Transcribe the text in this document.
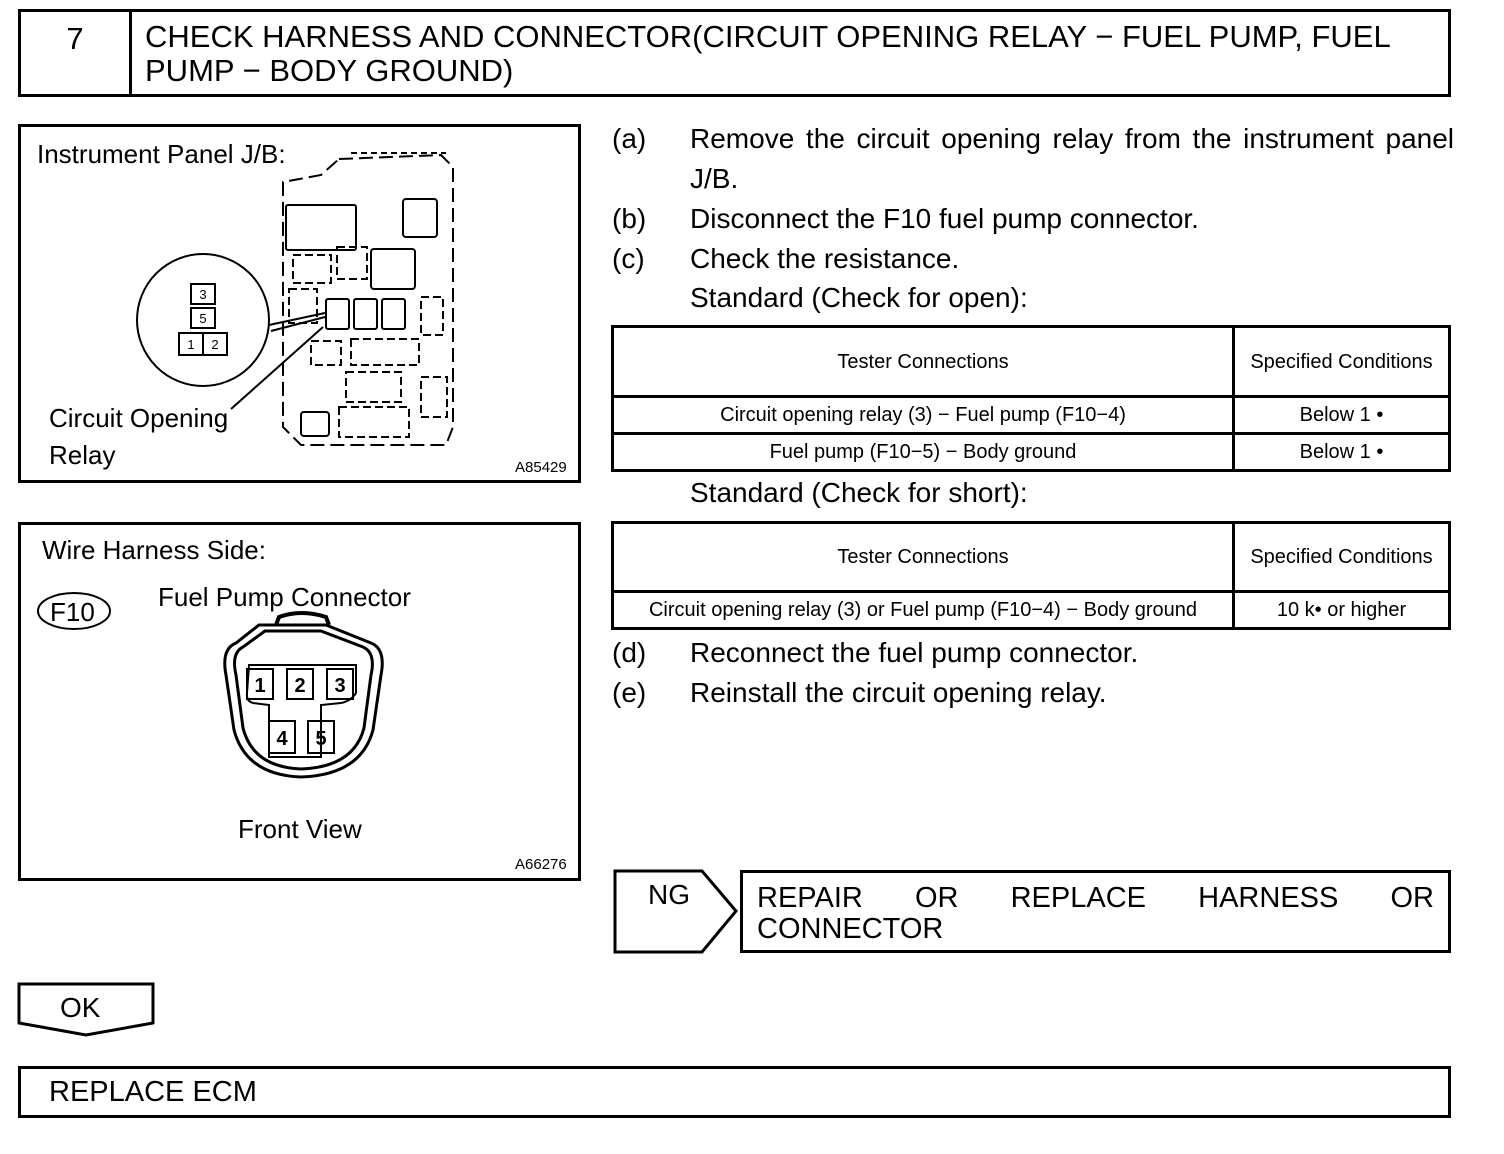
7	CHECK HARNESS AND CONNECTOR(CIRCUIT OPENING RELAY − FUEL PUMP, FUEL PUMP − BODY GROUND)
3
5
1 2
Instrument Panel J/B:
Circuit Opening
Relay	A85429
1 2 3
4 5
Wire Harness Side:
F10 Fuel Pump Connector
Front View
A66276
(a)	Remove the circuit opening relay from the instrument panel J/B.
(b)	Disconnect the F10 fuel pump connector.
(c)	Check the resistance.
Standard (Check for open):
Tester Connections	Specified Conditions
Circuit opening relay (3) − Fuel pump (F10−4)	Below 1 •
Fuel pump (F10−5) − Body ground	Below 1 •
Standard (Check for short):
Tester Connections	Specified Conditions
Circuit opening relay (3) or Fuel pump (F10−4) − Body ground	10 k• or higher
(d)	Reconnect the fuel pump connector.
(e)	Reinstall the circuit opening relay.
NG REPAIR OR REPLACE HARNESS OR
CONNECTOR
OK
REPLACE ECM
